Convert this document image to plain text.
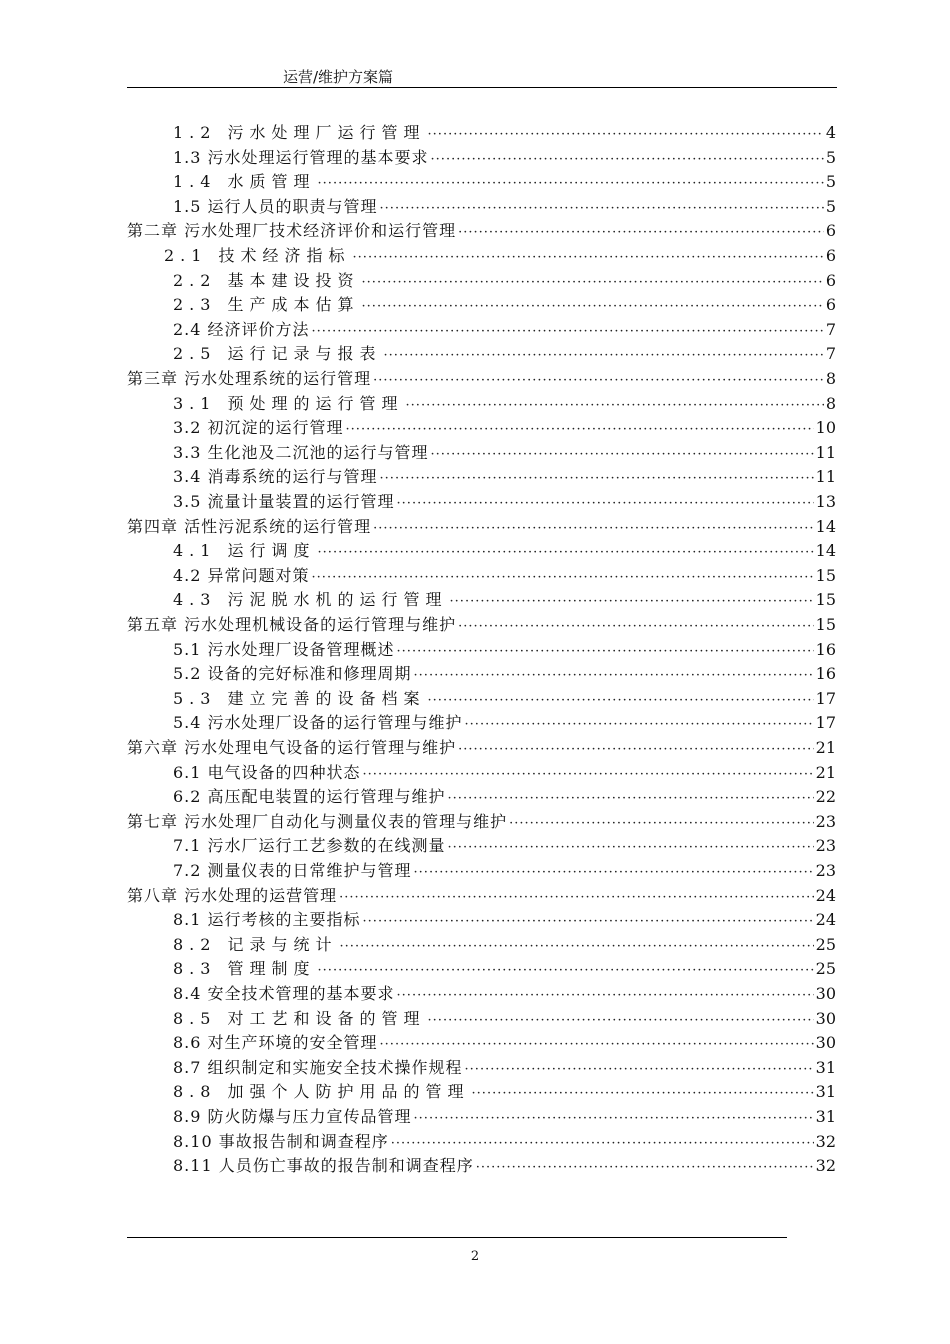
运营/维护方案篇
1.2 污水处理厂运行管理 ·····	4
1.3 污水处理运行管理的基本要求 ·····	5
1.4 水质管理 ·····	5
1.5 运行人员的职责与管理 ·····	5
第二章 污水处理厂技术经济评价和运行管理 ·····	6
2.1 技术经济指标 ·····	6
2.2 基本建设投资 ·····	6
2.3 生产成本估算 ·····	6
2.4 经济评价方法 ·····	7
2.5 运行记录与报表 ·····	7
第三章 污水处理系统的运行管理 ·····	8
3.1 预处理的运行管理 ·····	8
3.2 初沉淀的运行管理 ·····	10
3.3 生化池及二沉池的运行与管理 ·····	11
3.4 消毒系统的运行与管理 ·····	11
3.5 流量计量装置的运行管理 ·····	13
第四章 活性污泥系统的运行管理 ·····	14
4.1 运行调度 ·····	14
4.2 异常问题对策 ·····	15
4.3 污泥脱水机的运行管理 ·····	15
第五章 污水处理机械设备的运行管理与维护 ·····	15
5.1 污水处理厂设备管理概述 ·····	16
5.2 设备的完好标准和修理周期 ·····	16
5.3 建立完善的设备档案 ·····	17
5.4 污水处理厂设备的运行管理与维护 ·····	17
第六章 污水处理电气设备的运行管理与维护 ·····	21
6.1 电气设备的四种状态 ·····	21
6.2 高压配电装置的运行管理与维护 ·····	22
第七章 污水处理厂自动化与测量仪表的管理与维护 ·····	23
7.1 污水厂运行工艺参数的在线测量 ·····	23
7.2 测量仪表的日常维护与管理 ·····	23
第八章 污水处理的运营管理 ·····	24
8.1 运行考核的主要指标 ·····	24
8.2 记录与统计 ·····	25
8.3 管理制度 ·····	25
8.4 安全技术管理的基本要求 ·····	30
8.5 对工艺和设备的管理 ·····	30
8.6 对生产环境的安全管理 ·····	30
8.7 组织制定和实施安全技术操作规程 ·····	31
8.8 加强个人防护用品的管理 ·····	31
8.9 防火防爆与压力宣传品管理 ·····	31
8.10 事故报告制和调查程序 ·····	32
8.11 人员伤亡事故的报告制和调查程序 ·····	32
2
